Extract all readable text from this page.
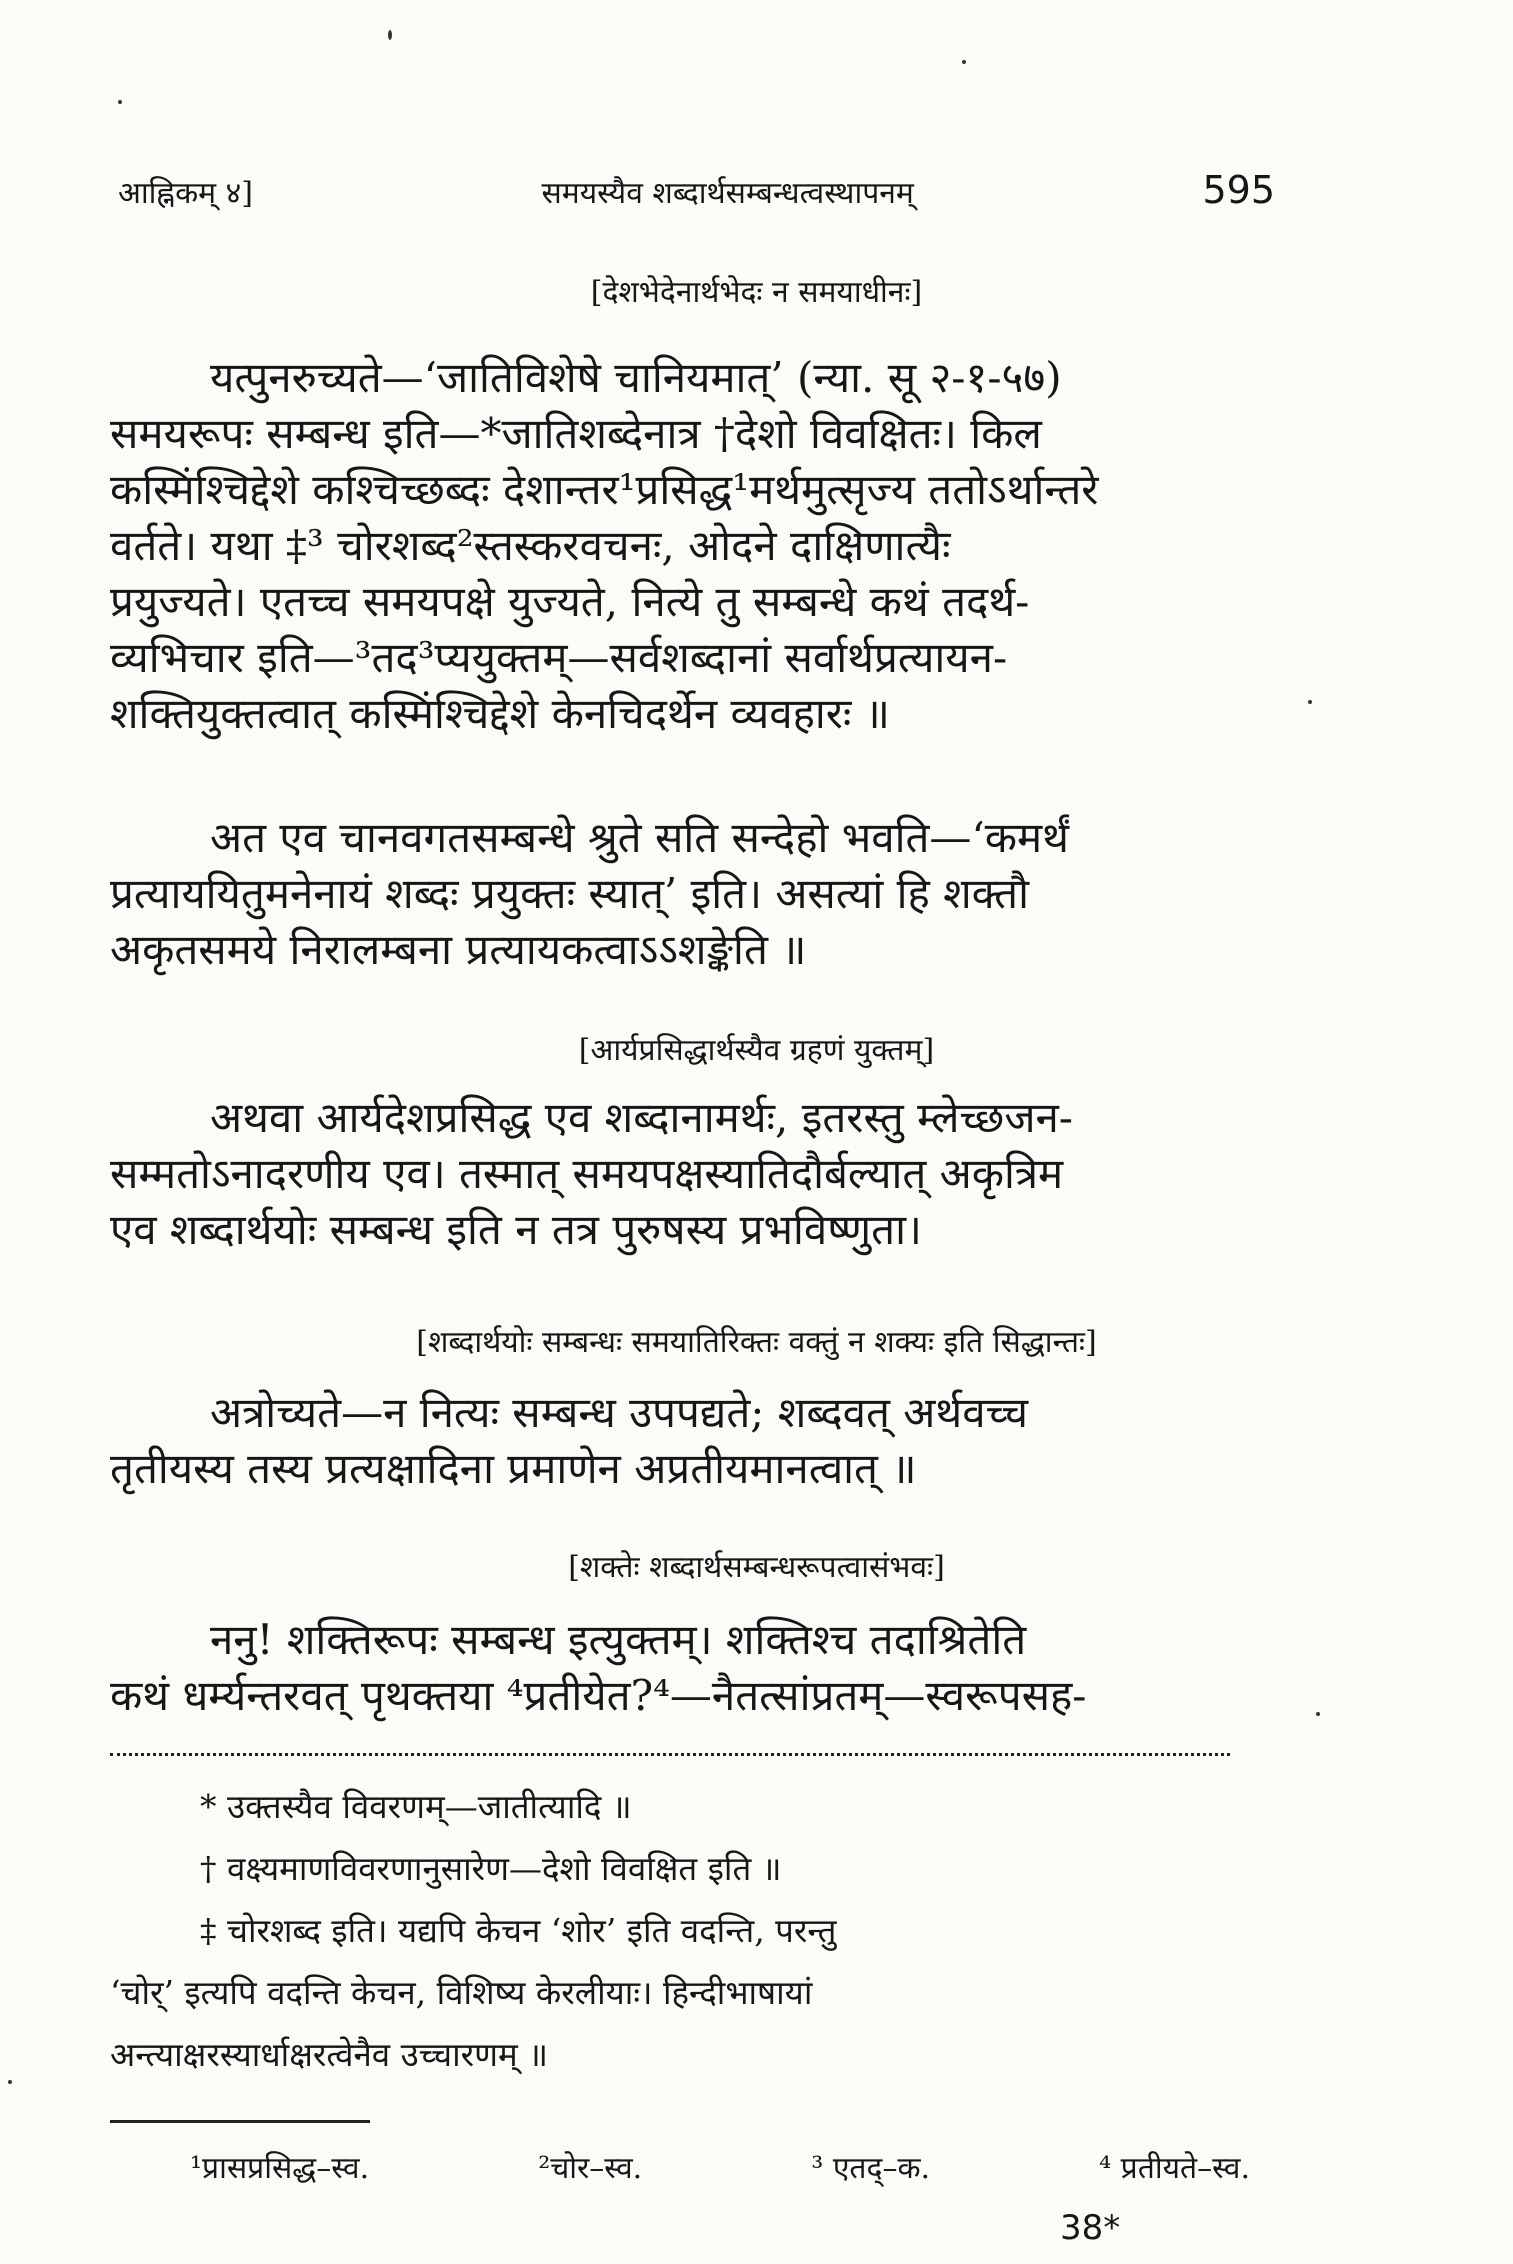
आह्निकम् ४]	समयस्यैव शब्दार्थसम्बन्धत्वस्थापनम्	595
[देशभेदेनार्थभेदः न समयाधीनः]

यत्पुनरुच्यते—‘जातिविशेषे चानियमात्’ (न्या. सू २-१-५७)

समयरूपः सम्बन्ध इति—*जातिशब्देनात्र †देशो विवक्षितः। किल

कस्मिंश्चिद्देशे कश्चिच्छब्दः देशान्तर¹प्रसिद्ध¹मर्थमुत्सृज्य ततोऽर्थान्तरे

वर्तते। यथा ‡³ चोरशब्द²स्तस्करवचनः, ओदने दाक्षिणात्यैः

प्रयुज्यते। एतच्च समयपक्षे युज्यते, नित्ये तु सम्बन्धे कथं तदर्थ-

व्यभिचार इति—³तद³प्ययुक्तम्—सर्वशब्दानां सर्वार्थप्रत्यायन-

शक्तियुक्तत्वात् कस्मिंश्चिद्देशे केनचिदर्थेन व्यवहारः ॥

अत एव चानवगतसम्बन्धे श्रुते सति सन्देहो भवति—‘कमर्थं

प्रत्याययितुमनेनायं शब्दः प्रयुक्तः स्यात्’ इति। असत्यां हि शक्तौ

अकृतसमये निरालम्बना प्रत्यायकत्वाऽऽशङ्केति ॥

[आर्यप्रसिद्धार्थस्यैव ग्रहणं युक्तम्]

अथवा आर्यदेशप्रसिद्ध एव शब्दानामर्थः, इतरस्तु म्लेच्छजन-

सम्मतोऽनादरणीय एव। तस्मात् समयपक्षस्यातिदौर्बल्यात् अकृत्रिम

एव शब्दार्थयोः सम्बन्ध इति न तत्र पुरुषस्य प्रभविष्णुता।

[शब्दार्थयोः सम्बन्धः समयातिरिक्तः वक्तुं न शक्यः इति सिद्धान्तः]

अत्रोच्यते—न नित्यः सम्बन्ध उपपद्यते; शब्दवत् अर्थवच्च

तृतीयस्य तस्य प्रत्यक्षादिना प्रमाणेन अप्रतीयमानत्वात् ॥

[शक्तेः शब्दार्थसम्बन्धरूपत्वासंभवः]

ननु! शक्तिरूपः सम्बन्ध इत्युक्तम्। शक्तिश्च तदाश्रितेति

कथं धर्म्यन्तरवत् पृथक्तया ⁴प्रतीयेत?⁴—नैतत्सांप्रतम्—स्वरूपसह-

* उक्तस्यैव विवरणम्—जातीत्यादि ॥

† वक्ष्यमाणविवरणानुसारेण—देशो विवक्षित इति ॥

‡ चोरशब्द इति। यद्यपि केचन ‘शोर’ इति वदन्ति, परन्तु

‘चोर्’ इत्यपि वदन्ति केचन, विशिष्य केरलीयाः। हिन्दीभाषायां

अन्त्याक्षरस्यार्धाक्षरत्वेनैव उच्चारणम् ॥

¹प्रासप्रसिद्ध–स्व.	²चोर–स्व.	³ एतद्–क.	⁴ प्रतीयते–स्व.
38*
